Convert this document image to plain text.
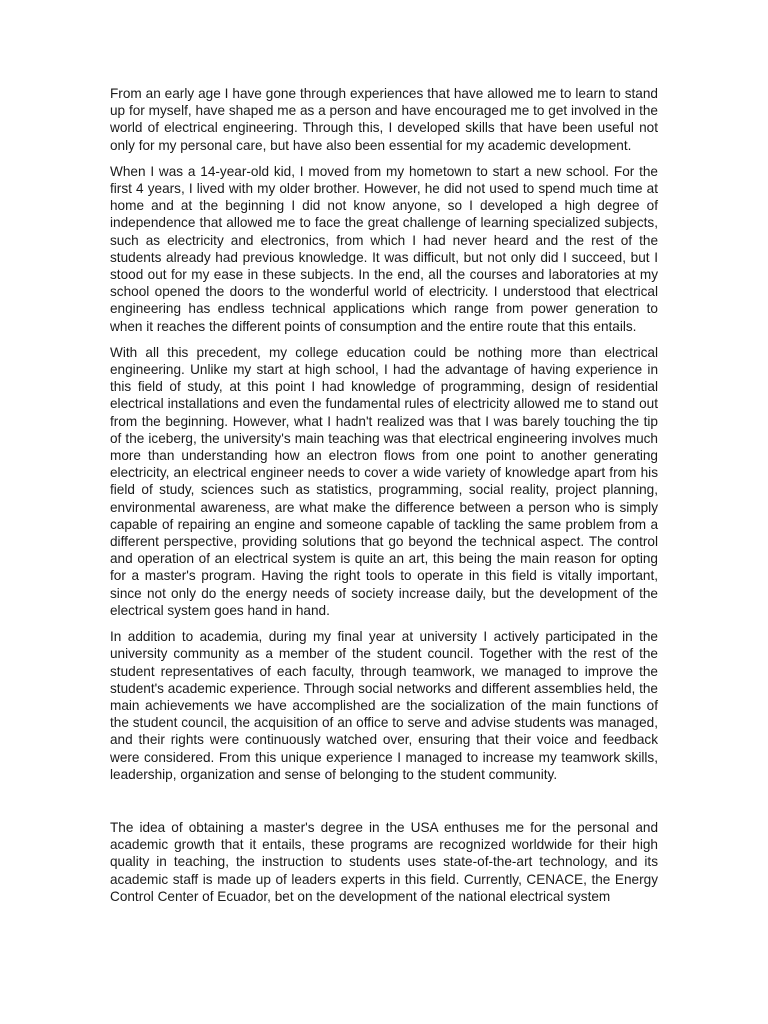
From an early age I have gone through experiences that have allowed me to learn to stand up for myself, have shaped me as a person and have encouraged me to get involved in the world of electrical engineering. Through this, I developed skills that have been useful not only for my personal care, but have also been essential for my academic development.

When I was a 14-year-old kid, I moved from my hometown to start a new school. For the first 4 years, I lived with my older brother. However, he did not used to spend much time at home and at the beginning I did not know anyone, so I developed a high degree of independence that allowed me to face the great challenge of learning specialized subjects, such as electricity and electronics, from which I had never heard and the rest of the students already had previous knowledge. It was difficult, but not only did I succeed, but I stood out for my ease in these subjects. In the end, all the courses and laboratories at my school opened the doors to the wonderful world of electricity. I understood that electrical engineering has endless technical applications which range from power generation to when it reaches the different points of consumption and the entire route that this entails.

With all this precedent, my college education could be nothing more than electrical engineering. Unlike my start at high school, I had the advantage of having experience in this field of study, at this point I had knowledge of programming, design of residential electrical installations and even the fundamental rules of electricity allowed me to stand out from the beginning. However, what I hadn't realized was that I was barely touching the tip of the iceberg, the university's main teaching was that electrical engineering involves much more than understanding how an electron flows from one point to another generating electricity, an electrical engineer needs to cover a wide variety of knowledge apart from his field of study, sciences such as statistics, programming, social reality, project planning, environmental awareness, are what make the difference between a person who is simply capable of repairing an engine and someone capable of tackling the same problem from a different perspective, providing solutions that go beyond the technical aspect. The control and operation of an electrical system is quite an art, this being the main reason for opting for a master's program. Having the right tools to operate in this field is vitally important, since not only do the energy needs of society increase daily, but the development of the electrical system goes hand in hand.

In addition to academia, during my final year at university I actively participated in the university community as a member of the student council. Together with the rest of the student representatives of each faculty, through teamwork, we managed to improve the student's academic experience. Through social networks and different assemblies held, the main achievements we have accomplished are the socialization of the main functions of the student council, the acquisition of an office to serve and advise students was managed, and their rights were continuously watched over, ensuring that their voice and feedback were considered. From this unique experience I managed to increase my teamwork skills, leadership, organization and sense of belonging to the student community.

The idea of obtaining a master's degree in the USA enthuses me for the personal and academic growth that it entails, these programs are recognized worldwide for their high quality in teaching, the instruction to students uses state-of-the-art technology, and its academic staff is made up of leaders experts in this field. Currently, CENACE, the Energy Control Center of Ecuador, bet on the development of the national electrical system
